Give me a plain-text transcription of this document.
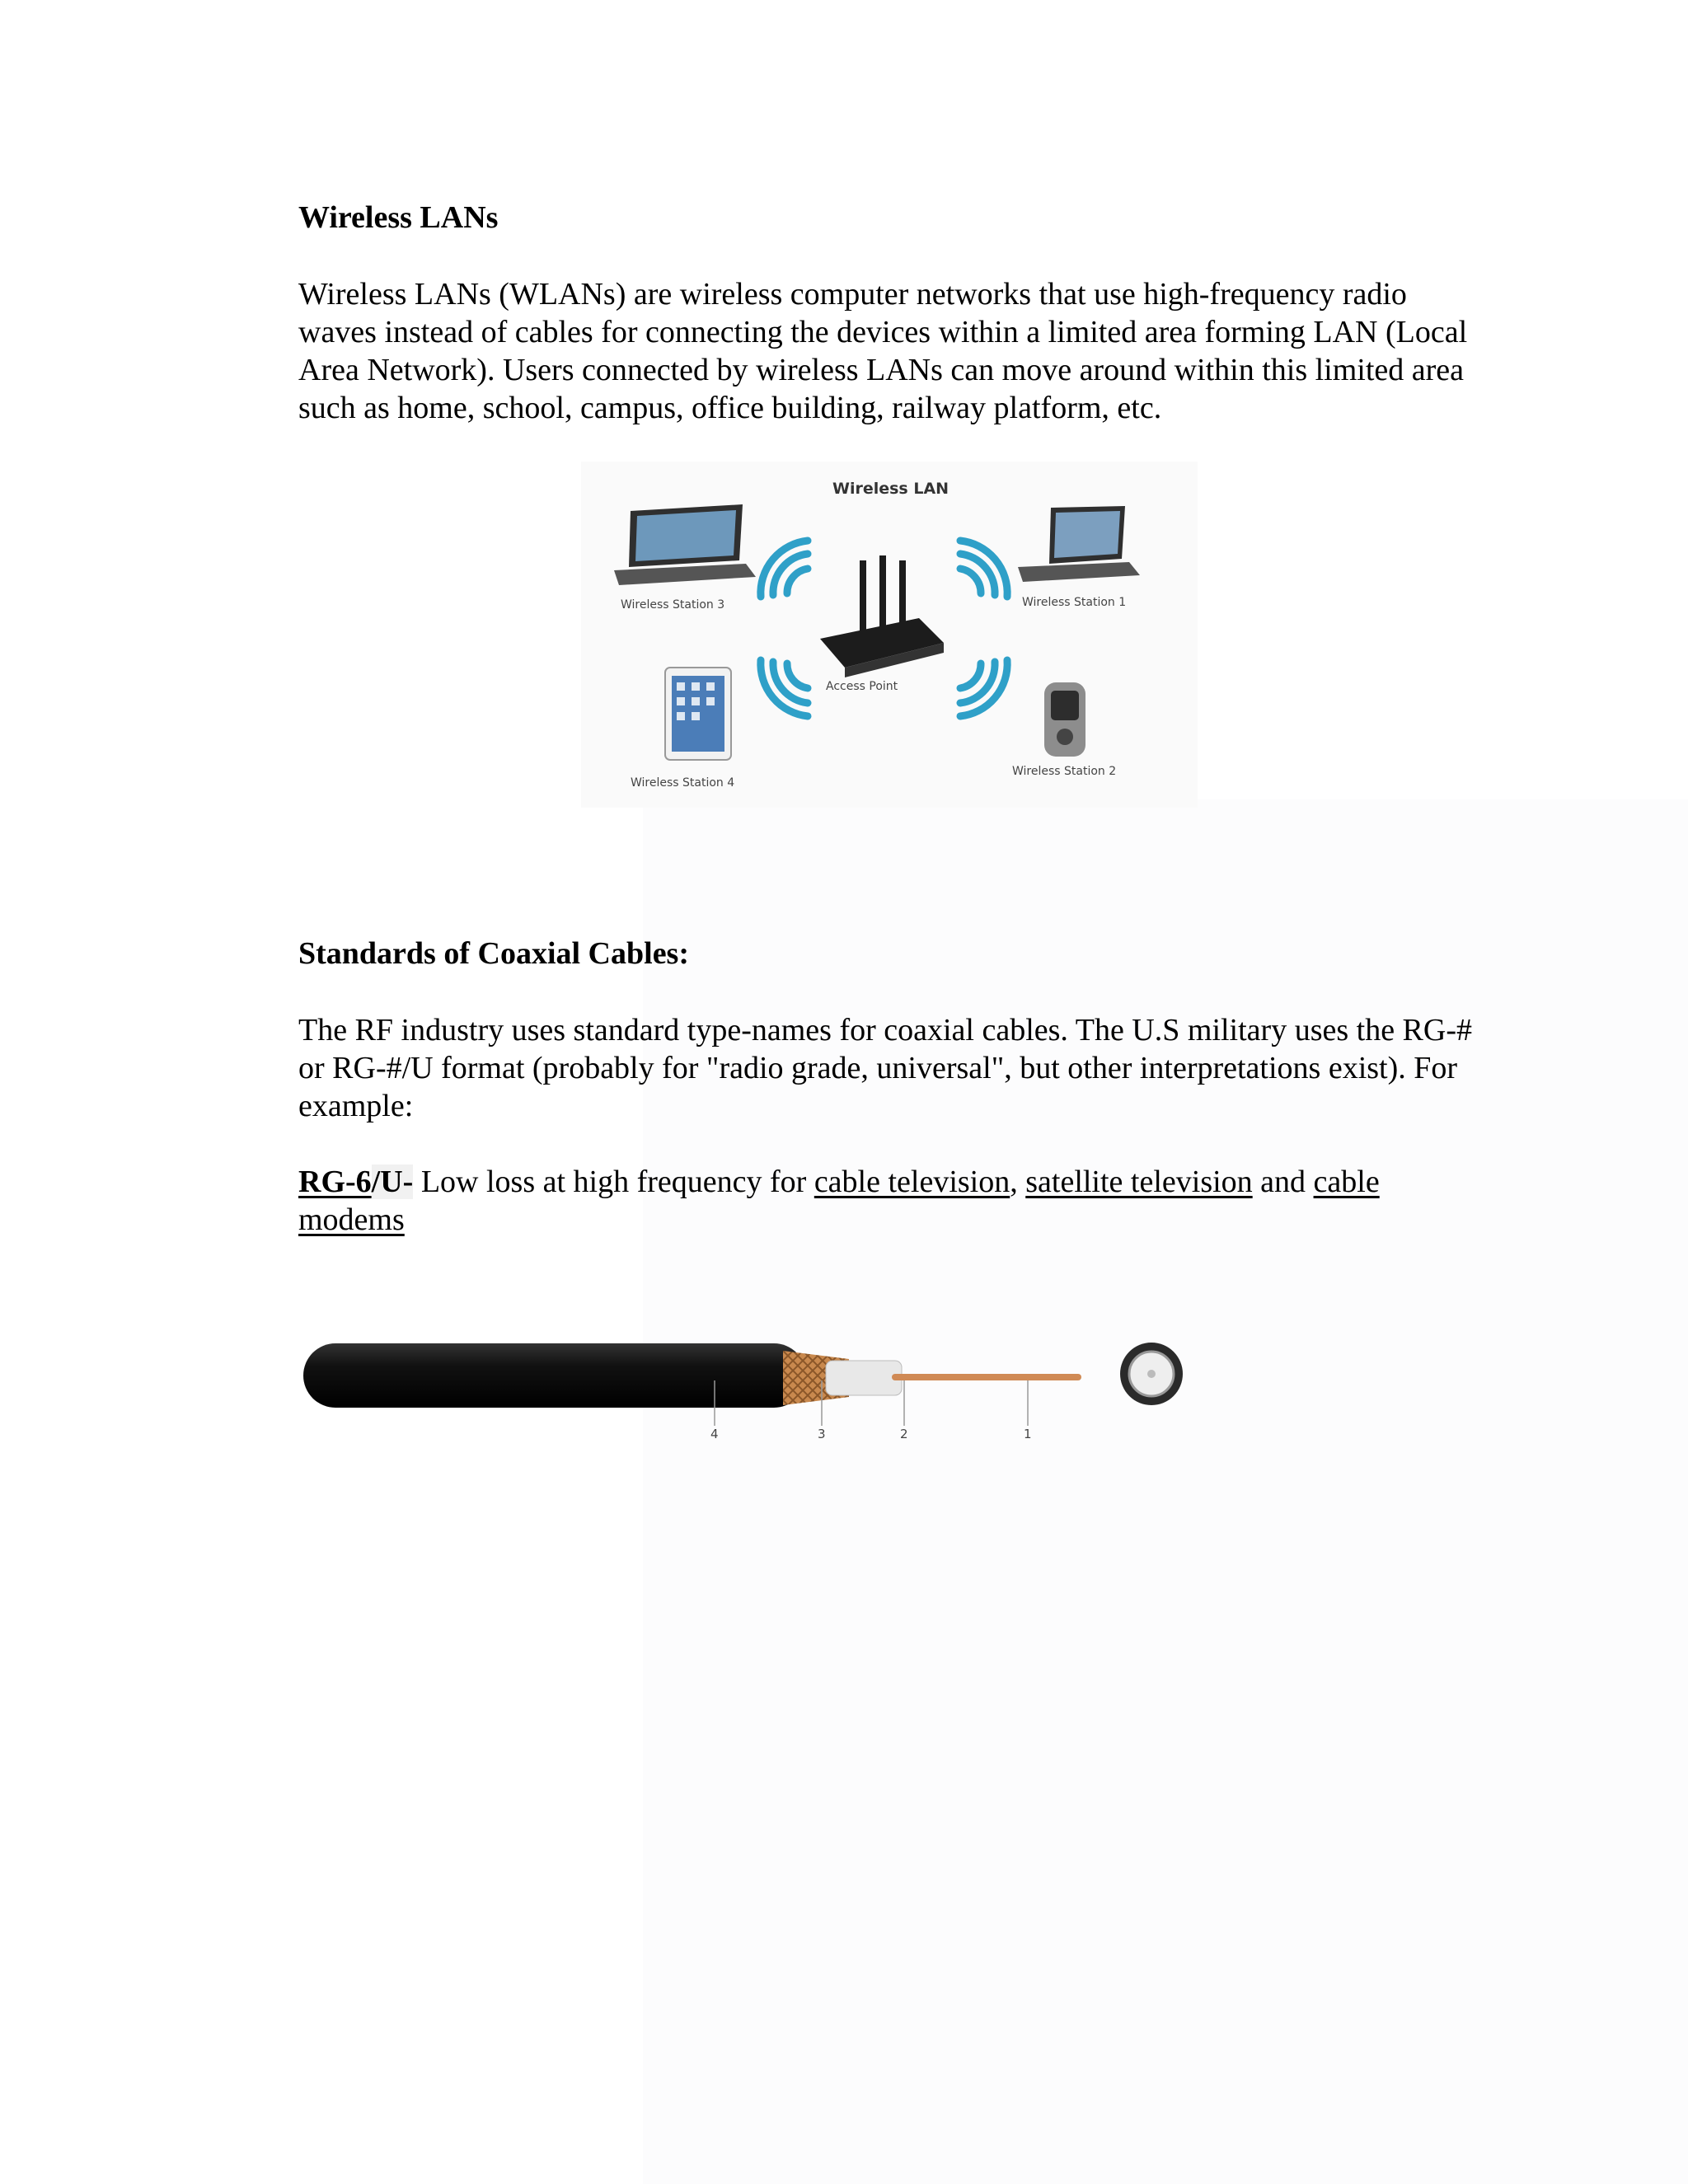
Wireless LANs

Wireless LANs (WLANs) are wireless computer networks that use high-frequency radio waves instead of cables for connecting the devices within a limited area forming LAN (Local Area Network). Users connected by wireless LANs can move around within this limited area such as home, school, campus, office building, railway platform, etc.

Wireless LAN
Access Point
Wireless Station 1
Wireless Station 2
Wireless Station 3
Wireless Station 4
Standards of Coaxial Cables:

The RF industry uses standard type-names for coaxial cables. The U.S military uses the RG-# or RG-#/U format (probably for "radio grade, universal", but other interpretations exist). For example:

RG-6/U- Low loss at high frequency for cable television, satellite television and cable modems

4	3	2	1
